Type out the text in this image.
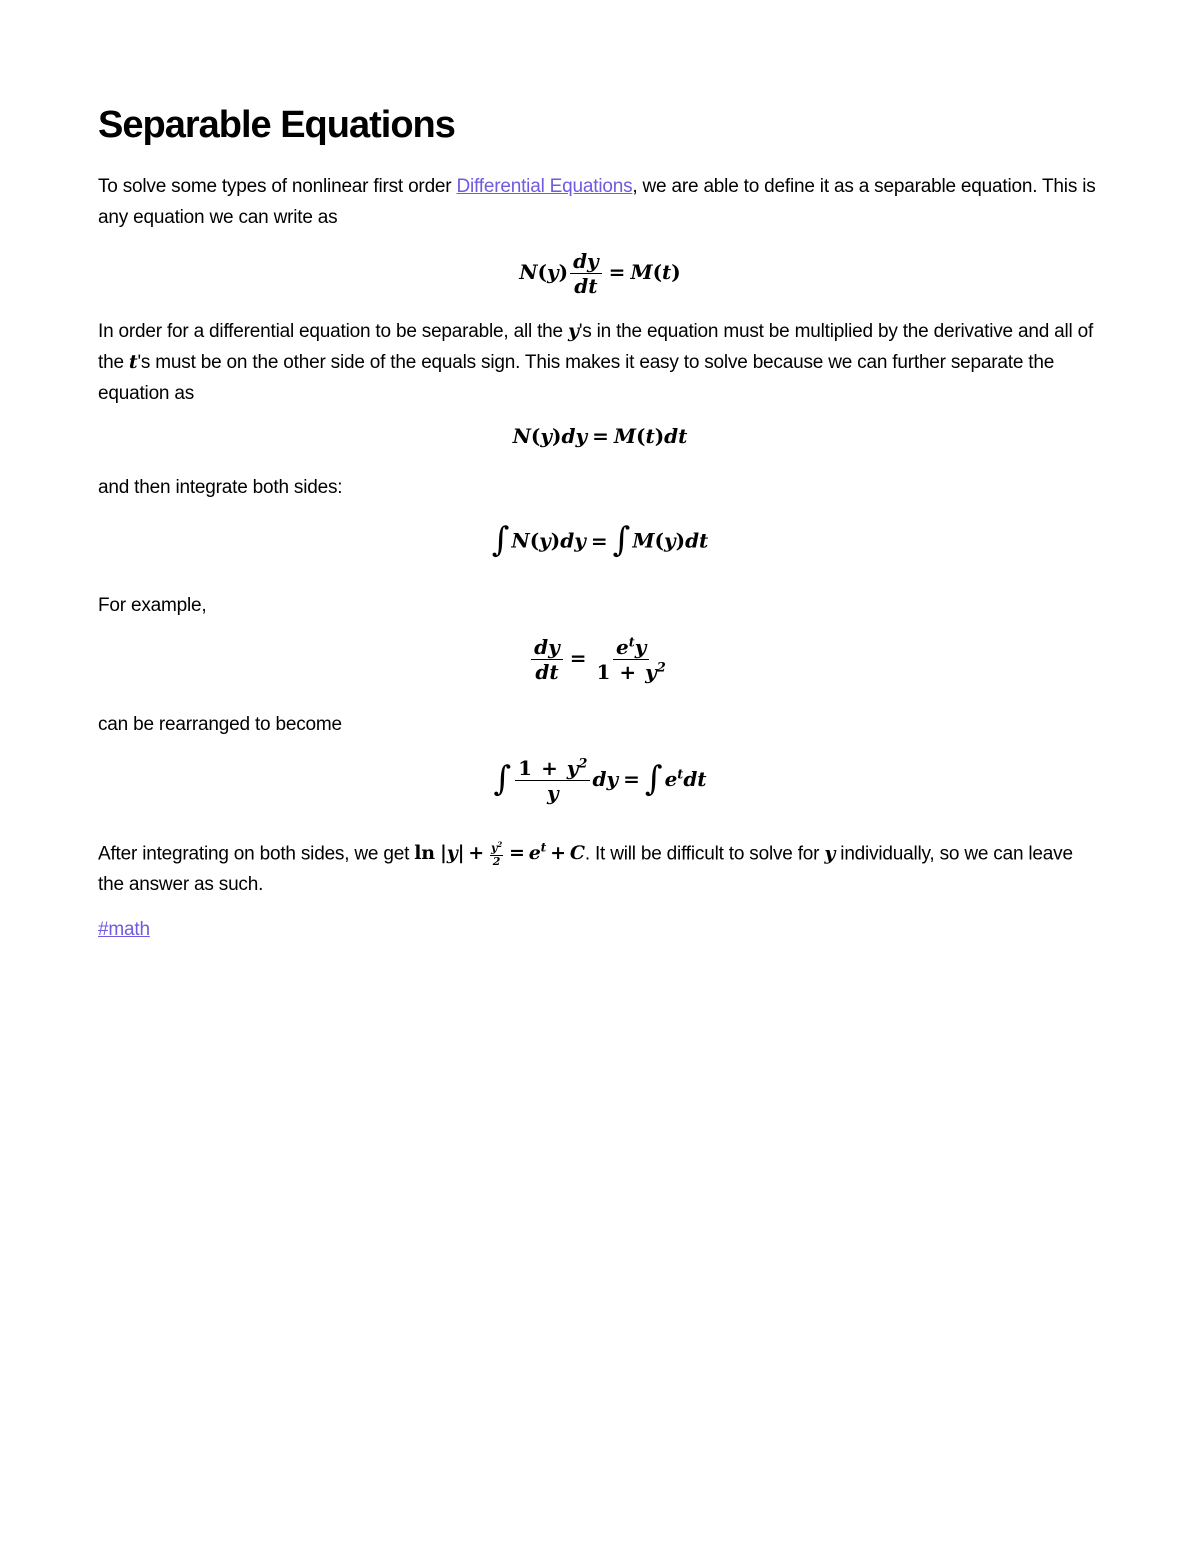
Separable Equations

To solve some types of nonlinear first order Differential Equations, we are able to define it as a separable equation. This is any equation we can write as

$N(y) \frac{dy}{dt} = M(t)$

In order for a differential equation to be separable, all the y's in the equation must be multiplied by the derivative and all of the t's must be on the other side of the equals sign. This makes it easy to solve because we can further separate the equation as

N(y)dy = M(t)dt

and then integrate both sides:

∫ N(y)dy = ∫ M(y)dt

For example,

$\frac{dy}{dt} = \frac{e^ty}{1 + y^2}$

can be rearranged to become

∫ $\frac{1 + y^2}{y}$ dy = ∫ $e^tdt$

After integrating on both sides, we get $\ln |y| + \frac{y^2}{2} = e^t + C$. It will be difficult to solve for y individually, so we can leave the answer as such.

#math
